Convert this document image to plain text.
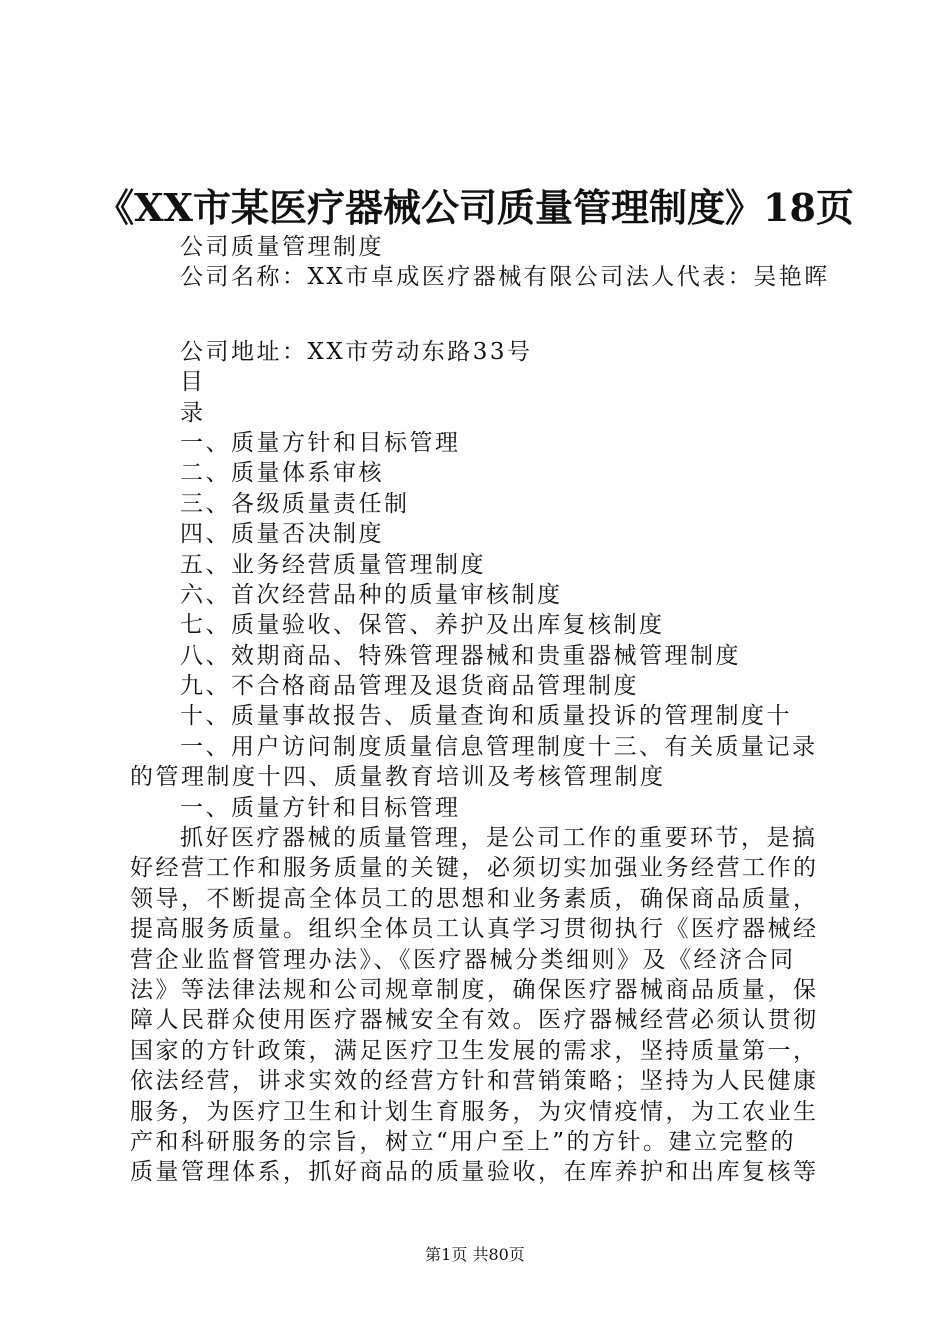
《XX市某医疗器械公司质量管理制度》18页
公司质量管理制度
公司名称：XX市卓成医疗器械有限公司法人代表：吴艳晖
公司地址：XX市劳动东路33号
目
录
一、质量方针和目标管理
二、质量体系审核
三、各级质量责任制
四、质量否决制度
五、业务经营质量管理制度
六、首次经营品种的质量审核制度
七、质量验收、保管、养护及出库复核制度
八、效期商品、特殊管理器械和贵重器械管理制度
九、不合格商品管理及退货商品管理制度
十、质量事故报告、质量查询和质量投诉的管理制度十
一、用户访问制度质量信息管理制度十三、有关质量记录
的管理制度十四、质量教育培训及考核管理制度
一、质量方针和目标管理
抓好医疗器械的质量管理，是公司工作的重要环节，是搞
好经营工作和服务质量的关键，必须切实加强业务经营工作的
领导，不断提高全体员工的思想和业务素质，确保商品质量，
提高服务质量。组织全体员工认真学习贯彻执行《医疗器械经
营企业监督管理办法》、《医疗器械分类细则》及《经济合同
法》等法律法规和公司规章制度，确保医疗器械商品质量，保
障人民群众使用医疗器械安全有效。医疗器械经营必须认贯彻
国家的方针政策，满足医疗卫生发展的需求，坚持质量第一，
依法经营，讲求实效的经营方针和营销策略；坚持为人民健康
服务，为医疗卫生和计划生育服务，为灾情疫情，为工农业生
产和科研服务的宗旨，树立“用户至上”的方针。建立完整的
质量管理体系，抓好商品的质量验收，在库养护和出库复核等
第1页 共80页
